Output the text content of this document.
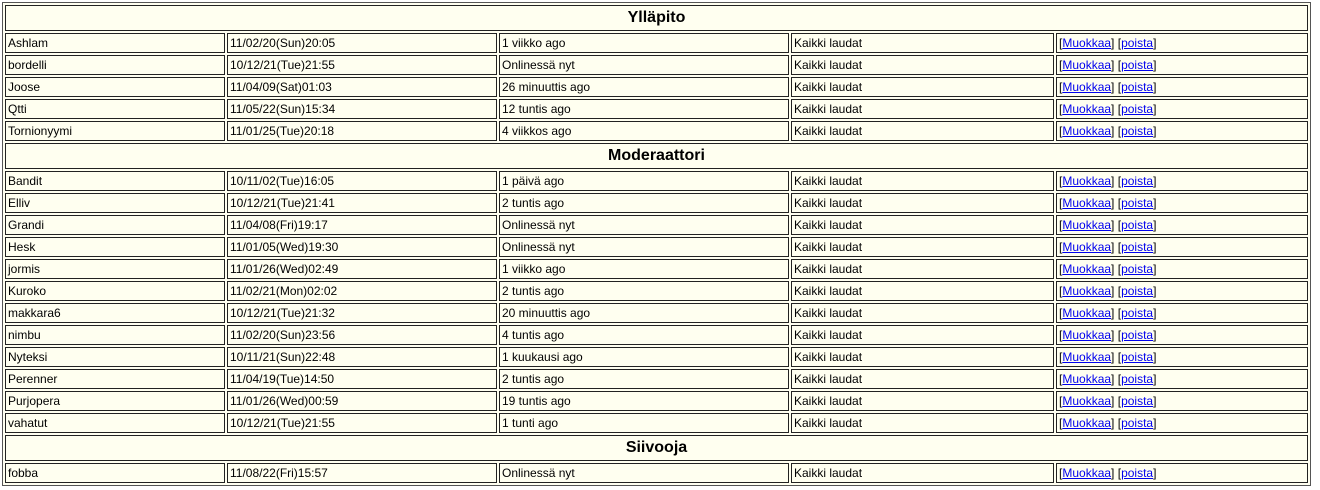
Ylläpito				
Ashlam	11/02/20(Sun)20:05	1 viikko ago	Kaikki laudat	[Muokkaa] [poista]
bordelli	10/12/21(Tue)21:55	Onlinessä nyt	Kaikki laudat	[Muokkaa] [poista]
Joose	11/04/09(Sat)01:03	26 minuuttis ago	Kaikki laudat	[Muokkaa] [poista]
Qtti	11/05/22(Sun)15:34	12 tuntis ago	Kaikki laudat	[Muokkaa] [poista]
Tornionyymi	11/01/25(Tue)20:18	4 viikkos ago	Kaikki laudat	[Muokkaa] [poista]
Moderaattori				
Bandit	10/11/02(Tue)16:05	1 päivä ago	Kaikki laudat	[Muokkaa] [poista]
Elliv	10/12/21(Tue)21:41	2 tuntis ago	Kaikki laudat	[Muokkaa] [poista]
Grandi	11/04/08(Fri)19:17	Onlinessä nyt	Kaikki laudat	[Muokkaa] [poista]
Hesk	11/01/05(Wed)19:30	Onlinessä nyt	Kaikki laudat	[Muokkaa] [poista]
jormis	11/01/26(Wed)02:49	1 viikko ago	Kaikki laudat	[Muokkaa] [poista]
Kuroko	11/02/21(Mon)02:02	2 tuntis ago	Kaikki laudat	[Muokkaa] [poista]
makkara6	10/12/21(Tue)21:32	20 minuuttis ago	Kaikki laudat	[Muokkaa] [poista]
nimbu	11/02/20(Sun)23:56	4 tuntis ago	Kaikki laudat	[Muokkaa] [poista]
Nyteksi	10/11/21(Sun)22:48	1 kuukausi ago	Kaikki laudat	[Muokkaa] [poista]
Perenner	11/04/19(Tue)14:50	2 tuntis ago	Kaikki laudat	[Muokkaa] [poista]
Purjopera	11/01/26(Wed)00:59	19 tuntis ago	Kaikki laudat	[Muokkaa] [poista]
vahatut	10/12/21(Tue)21:55	1 tunti ago	Kaikki laudat	[Muokkaa] [poista]
Siivooja				
fobba	11/08/22(Fri)15:57	Onlinessä nyt	Kaikki laudat	[Muokkaa] [poista]
